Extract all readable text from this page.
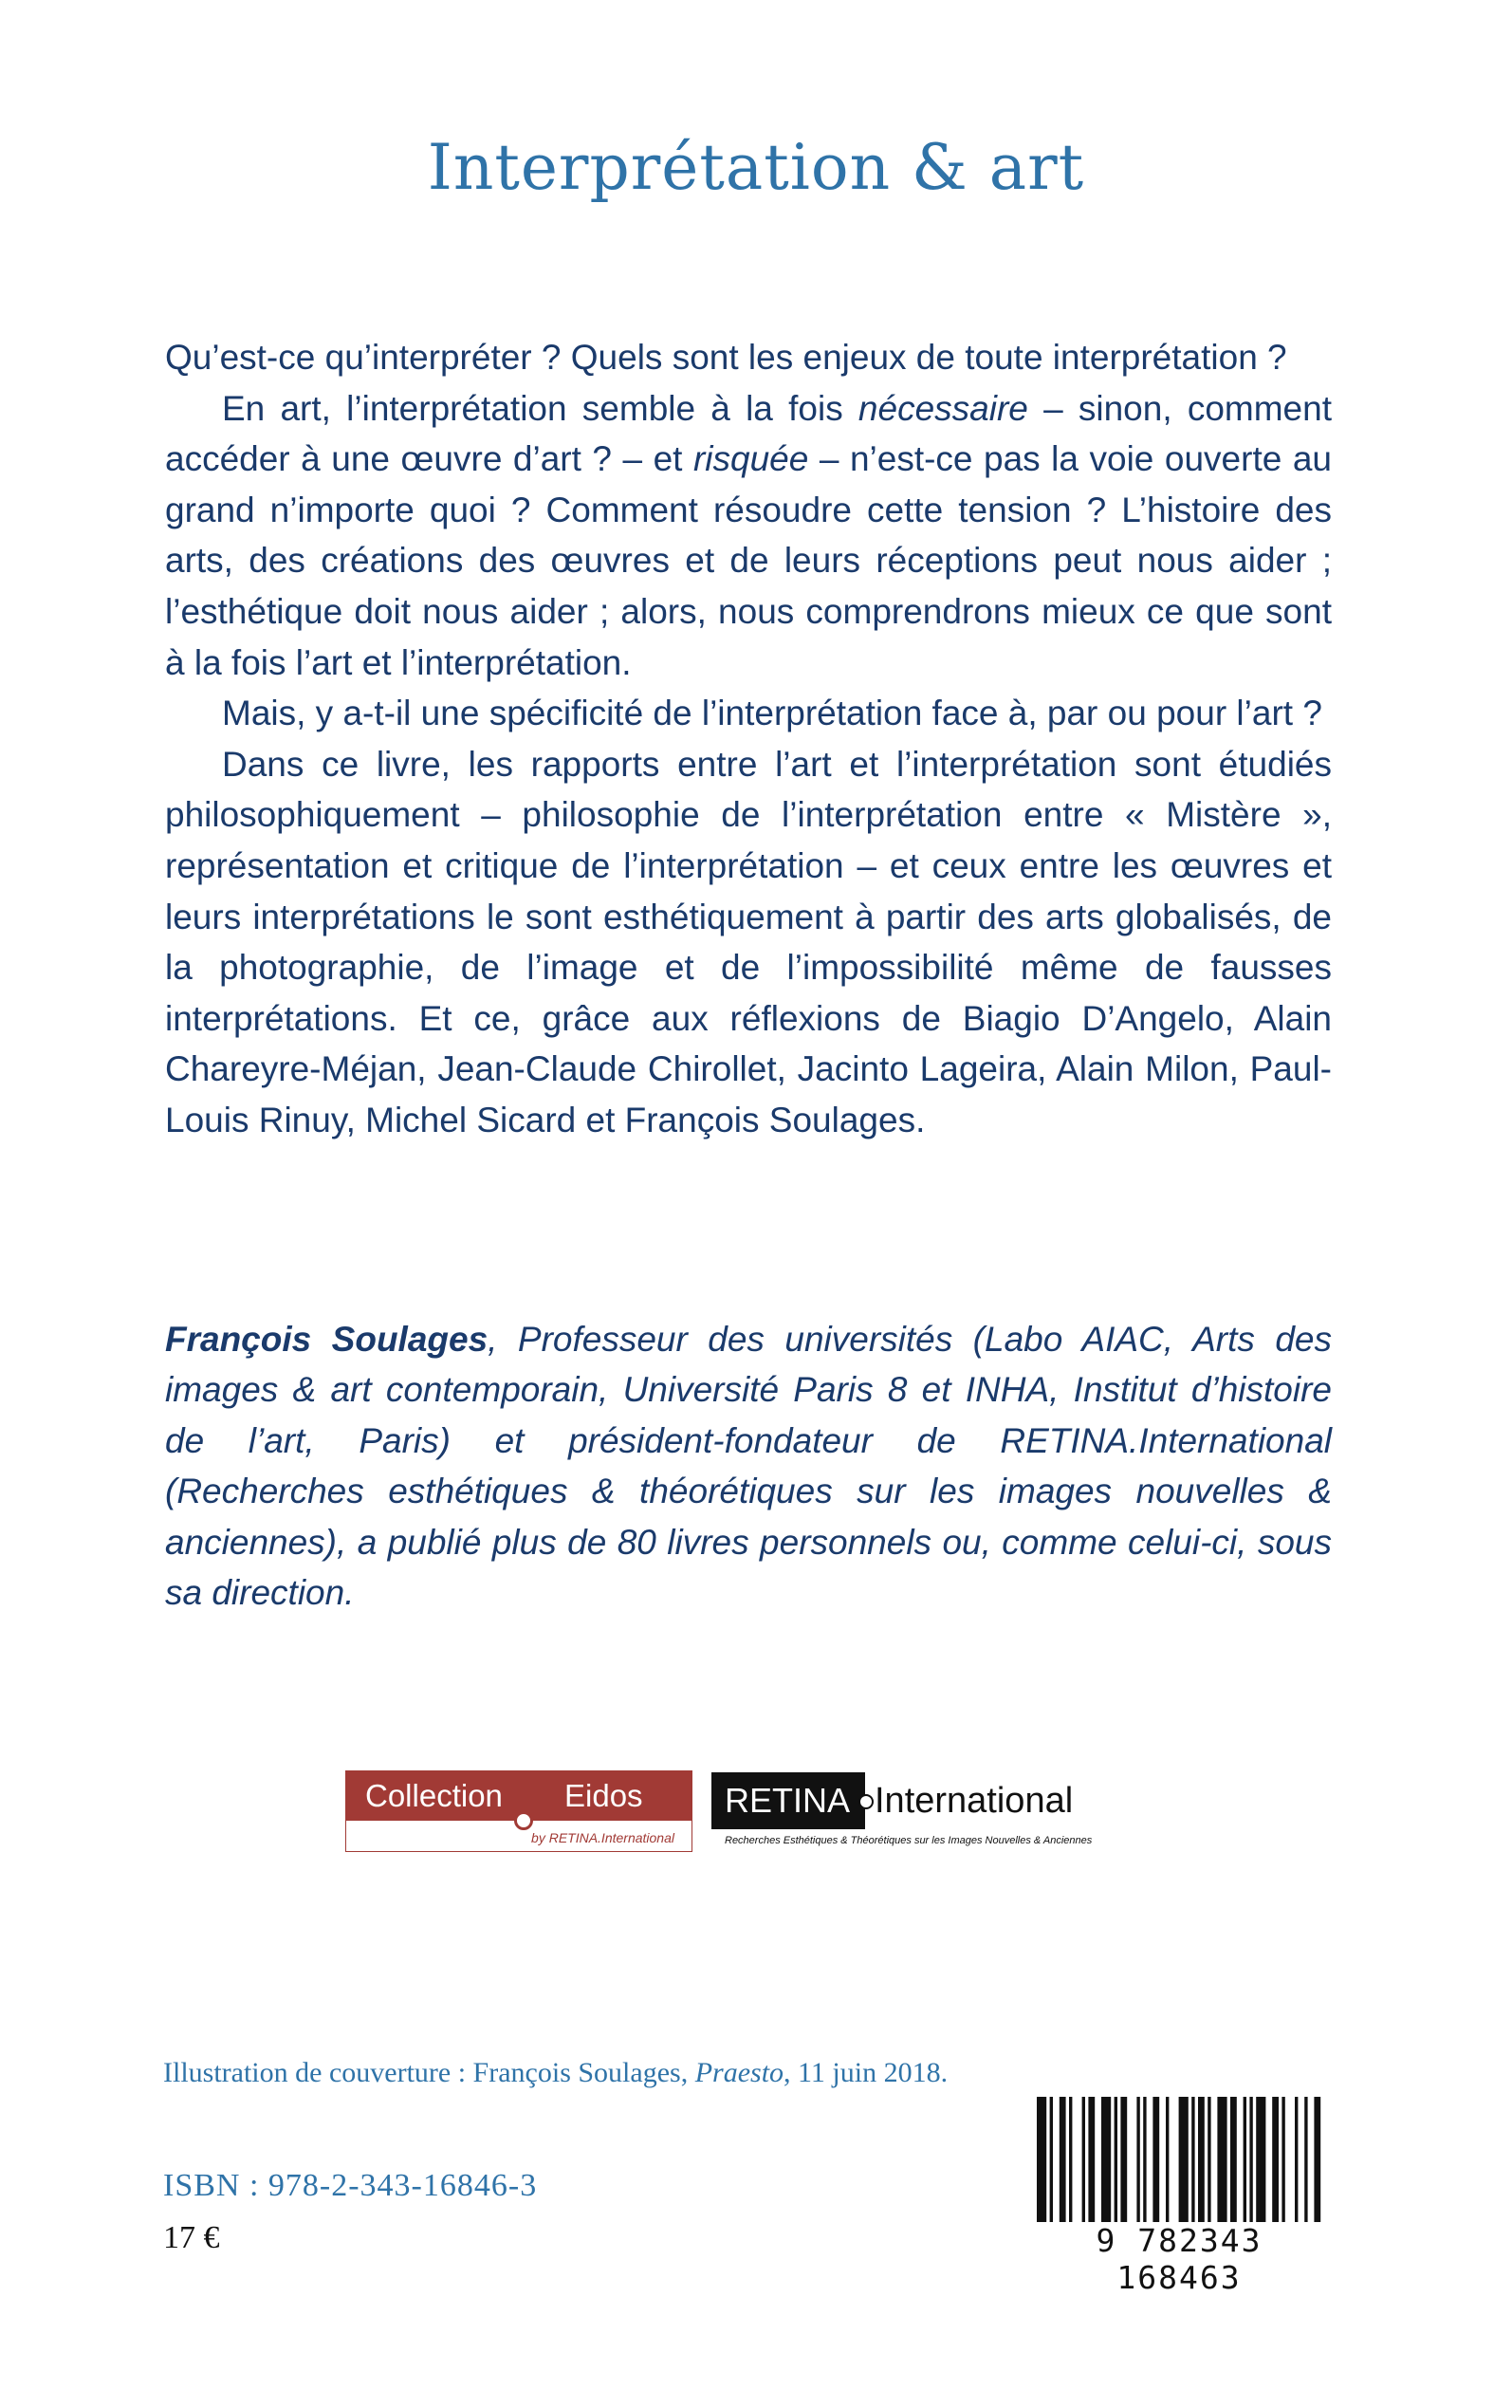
Interprétation & art

Qu’est-ce qu’interpréter ? Quels sont les enjeux de toute interprétation ?

En art, l’interprétation semble à la fois nécessaire – sinon, comment accéder à une œuvre d’art ? – et risquée – n’est-ce pas la voie ouverte au grand n’importe quoi ? Comment résoudre cette tension ? L’histoire des arts, des créations des œuvres et de leurs réceptions peut nous aider ; l’esthétique doit nous aider ; alors, nous comprendrons mieux ce que sont à la fois l’art et l’interprétation.

Mais, y a-t-il une spécificité de l’interprétation face à, par ou pour l’art ?

Dans ce livre, les rapports entre l’art et l’interprétation sont étudiés philosophiquement – philosophie de l’interprétation entre « Mistère », représentation et critique de l’interprétation – et ceux entre les œuvres et leurs interprétations le sont esthétiquement à partir des arts globalisés, de la photographie, de l’image et de l’impossibilité même de fausses interprétations. Et ce, grâce aux réflexions de Biagio D’Angelo, Alain Chareyre-Méjan, Jean-Claude Chirollet, Jacinto Lageira, Alain Milon, Paul-Louis Rinuy, Michel Sicard et François Soulages.

François Soulages, Professeur des universités (Labo AIAC, Arts des images & art contemporain, Université Paris 8 et INHA, Institut d’histoire de l’art, Paris) et président-fondateur de RETINA.International (Recherches esthétiques & théorétiques sur les images nouvelles & anciennes), a publié plus de 80 livres personnels ou, comme celui-ci, sous sa direction.
Collection	Eidos
by RETINA.International
RETINA International
Recherches Esthétiques & Théorétiques sur les Images Nouvelles & Anciennes
Illustration de couverture : François Soulages, Praesto, 11 juin 2018.
ISBN : 978-2-343-16846-3
17 €	9 782343 168463
